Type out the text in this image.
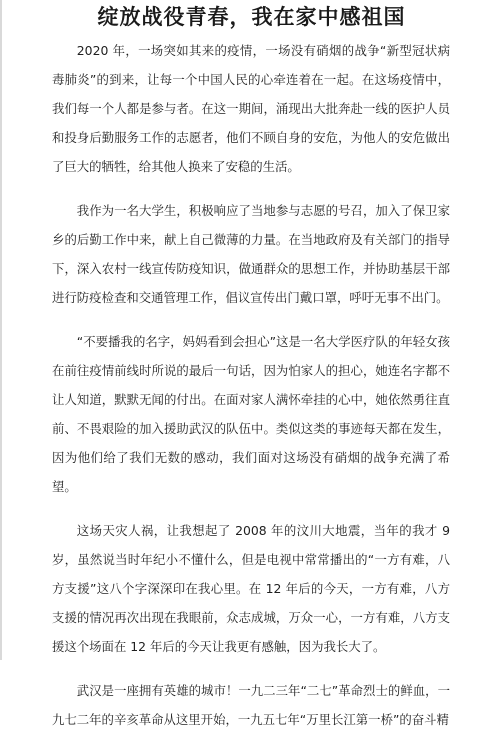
绽放战役青春，我在家中感祖国

2020 年，一场突如其来的疫情，一场没有硝烟的战争“新型冠状病毒肺炎”的到来，让每一个中国人民的心牵连着在一起。在这场疫情中，我们每一个人都是参与者。在这一期间，涌现出大批奔赴一线的医护人员和投身后勤服务工作的志愿者，他们不顾自身的安危，为他人的安危做出了巨大的牺牲，给其他人换来了安稳的生活。

我作为一名大学生，积极响应了当地参与志愿的号召，加入了保卫家乡的后勤工作中来，献上自己微薄的力量。在当地政府及有关部门的指导下，深入农村一线宣传防疫知识，做通群众的思想工作，并协助基层干部进行防疫检查和交通管理工作，倡议宣传出门戴口罩，呼吁无事不出门。

“不要播我的名字，妈妈看到会担心”这是一名大学医疗队的年轻女孩在前往疫情前线时所说的最后一句话，因为怕家人的担心，她连名字都不让人知道，默默无闻的付出。在面对家人满怀牵挂的心中，她依然勇往直前、不畏艰险的加入援助武汉的队伍中。类似这类的事迹每天都在发生，因为他们给了我们无数的感动，我们面对这场没有硝烟的战争充满了希望。

这场天灾人祸，让我想起了 2008 年的汶川大地震，当年的我才 9 岁，虽然说当时年纪小不懂什么，但是电视中常常播出的“一方有难，八方支援”这八个字深深印在我心里。在 12 年后的今天，一方有难，八方支援的情况再次出现在我眼前，众志成城，万众一心，一方有难，八方支援这个场面在 12 年后的今天让我更有感触，因为我长大了。

武汉是一座拥有英雄的城市！一九二三年“二七”革命烈士的鲜血，一九七二年的辛亥革命从这里开始，一九五七年“万里长江第一桥”的奋斗精
